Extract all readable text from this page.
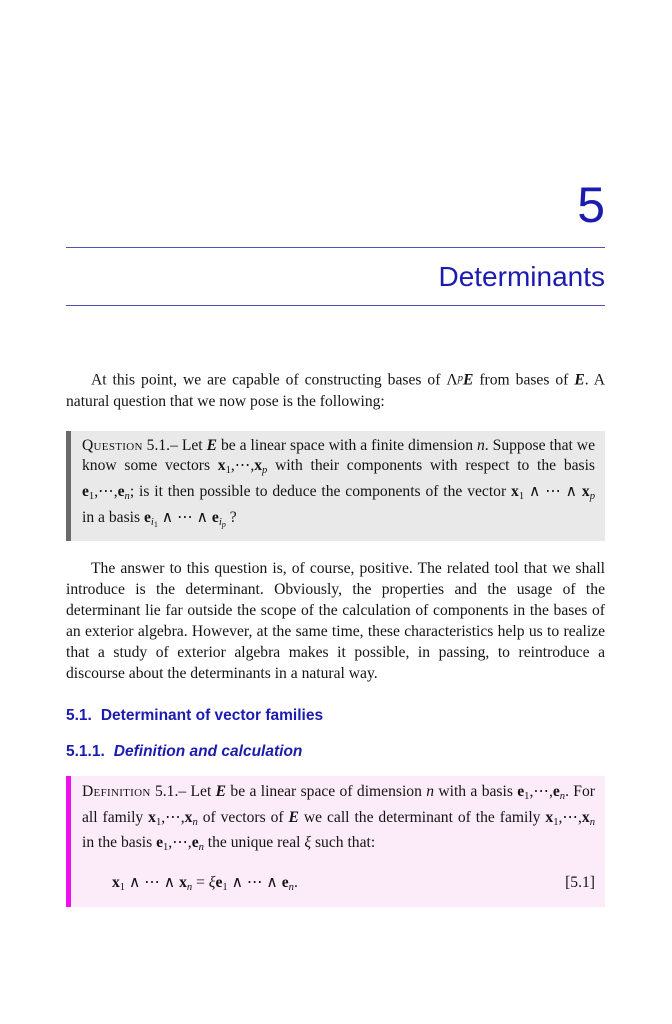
5
Determinants

At this point, we are capable of constructing bases of $\Lambda^pE$ from bases of E. A natural question that we now pose is the following:

Question 5.1.– Let E be a linear space with a finite dimension n. Suppose that we know some vectors $x_1,\cdots,x_p$ with their components with respect to the basis $e_1,\cdots,e_n$; is it then possible to deduce the components of the vector $x_1$ ∧ ⋯ ∧ $x_p$ in a basis $e_{i1}$ ∧ ⋯ ∧ $e_{ip}$ ?

The answer to this question is, of course, positive. The related tool that we shall introduce is the determinant. Obviously, the properties and the usage of the determinant lie far outside the scope of the calculation of components in the bases of an exterior algebra. However, at the same time, these characteristics help us to realize that a study of exterior algebra makes it possible, in passing, to reintroduce a discourse about the determinants in a natural way.

5.1. Determinant of vector families
5.1.1. Definition and calculation

Definition 5.1.– Let E be a linear space of dimension n with a basis $e_1,\cdots,e_n$. For all family $x_1,\cdots,x_n$ of vectors of E we call the determinant of the family $x_1,\cdots,x_n$ in the basis $e_1,\cdots,e_n$ the unique real ξ such that:

$x_1$ ∧ ⋯ ∧ $x_n = \xi e_1$ ∧ ⋯ ∧ $e_n$.	[5.1]
